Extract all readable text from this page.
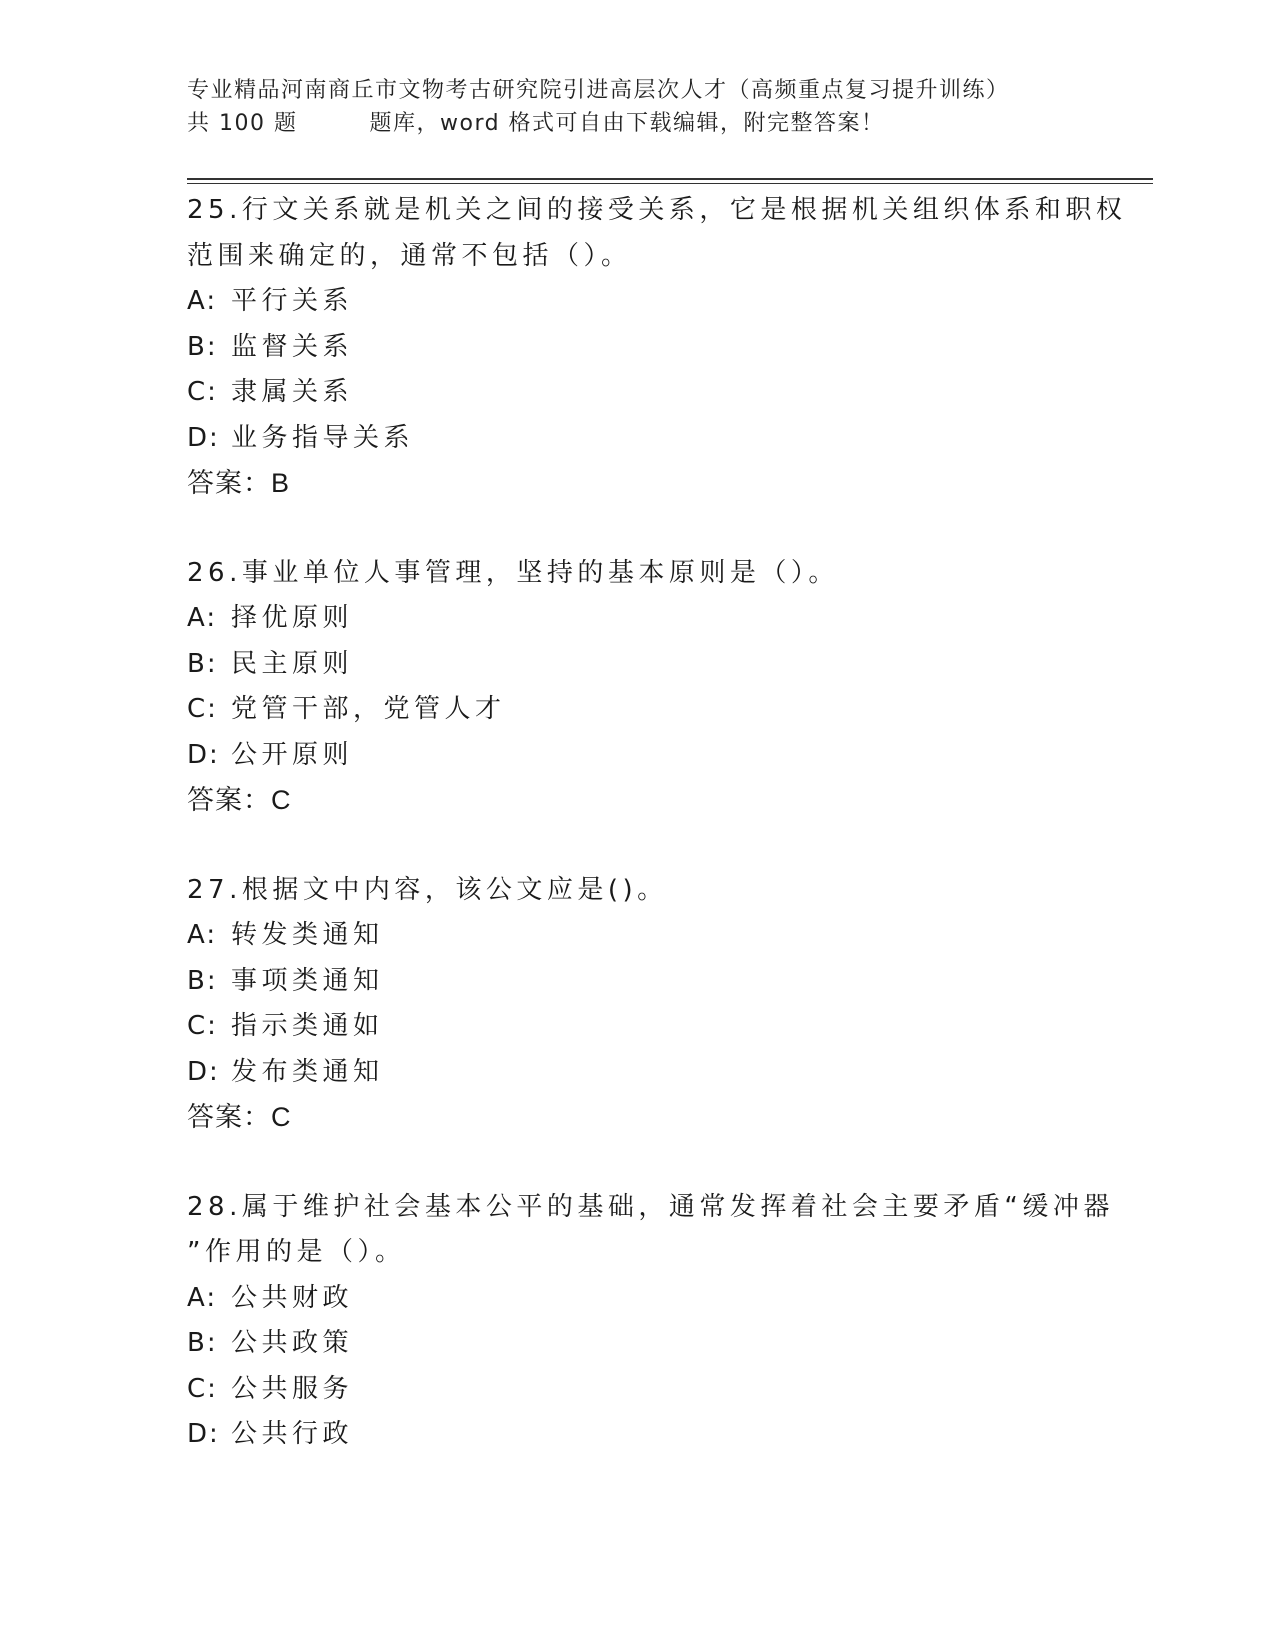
专业精品河南商丘市文物考古研究院引进高层次人才（高频重点复习提升训练）
共 100 题	题库，word 格式可自由下载编辑，附完整答案！
25.行文关系就是机关之间的接受关系，它是根据机关组织体系和职权
范围来确定的，通常不包括（）。
A: 平行关系
B: 监督关系
C: 隶属关系
D: 业务指导关系
答案：B
26.事业单位人事管理，坚持的基本原则是（）。
A: 择优原则
B: 民主原则
C: 党管干部，党管人才
D: 公开原则
答案：C
27.根据文中内容，该公文应是()。
A: 转发类通知
B: 事项类通知
C: 指示类通如
D: 发布类通知
答案：C
28.属于维护社会基本公平的基础，通常发挥着社会主要矛盾“缓冲器
”作用的是（）。
A: 公共财政
B: 公共政策
C: 公共服务
D: 公共行政
